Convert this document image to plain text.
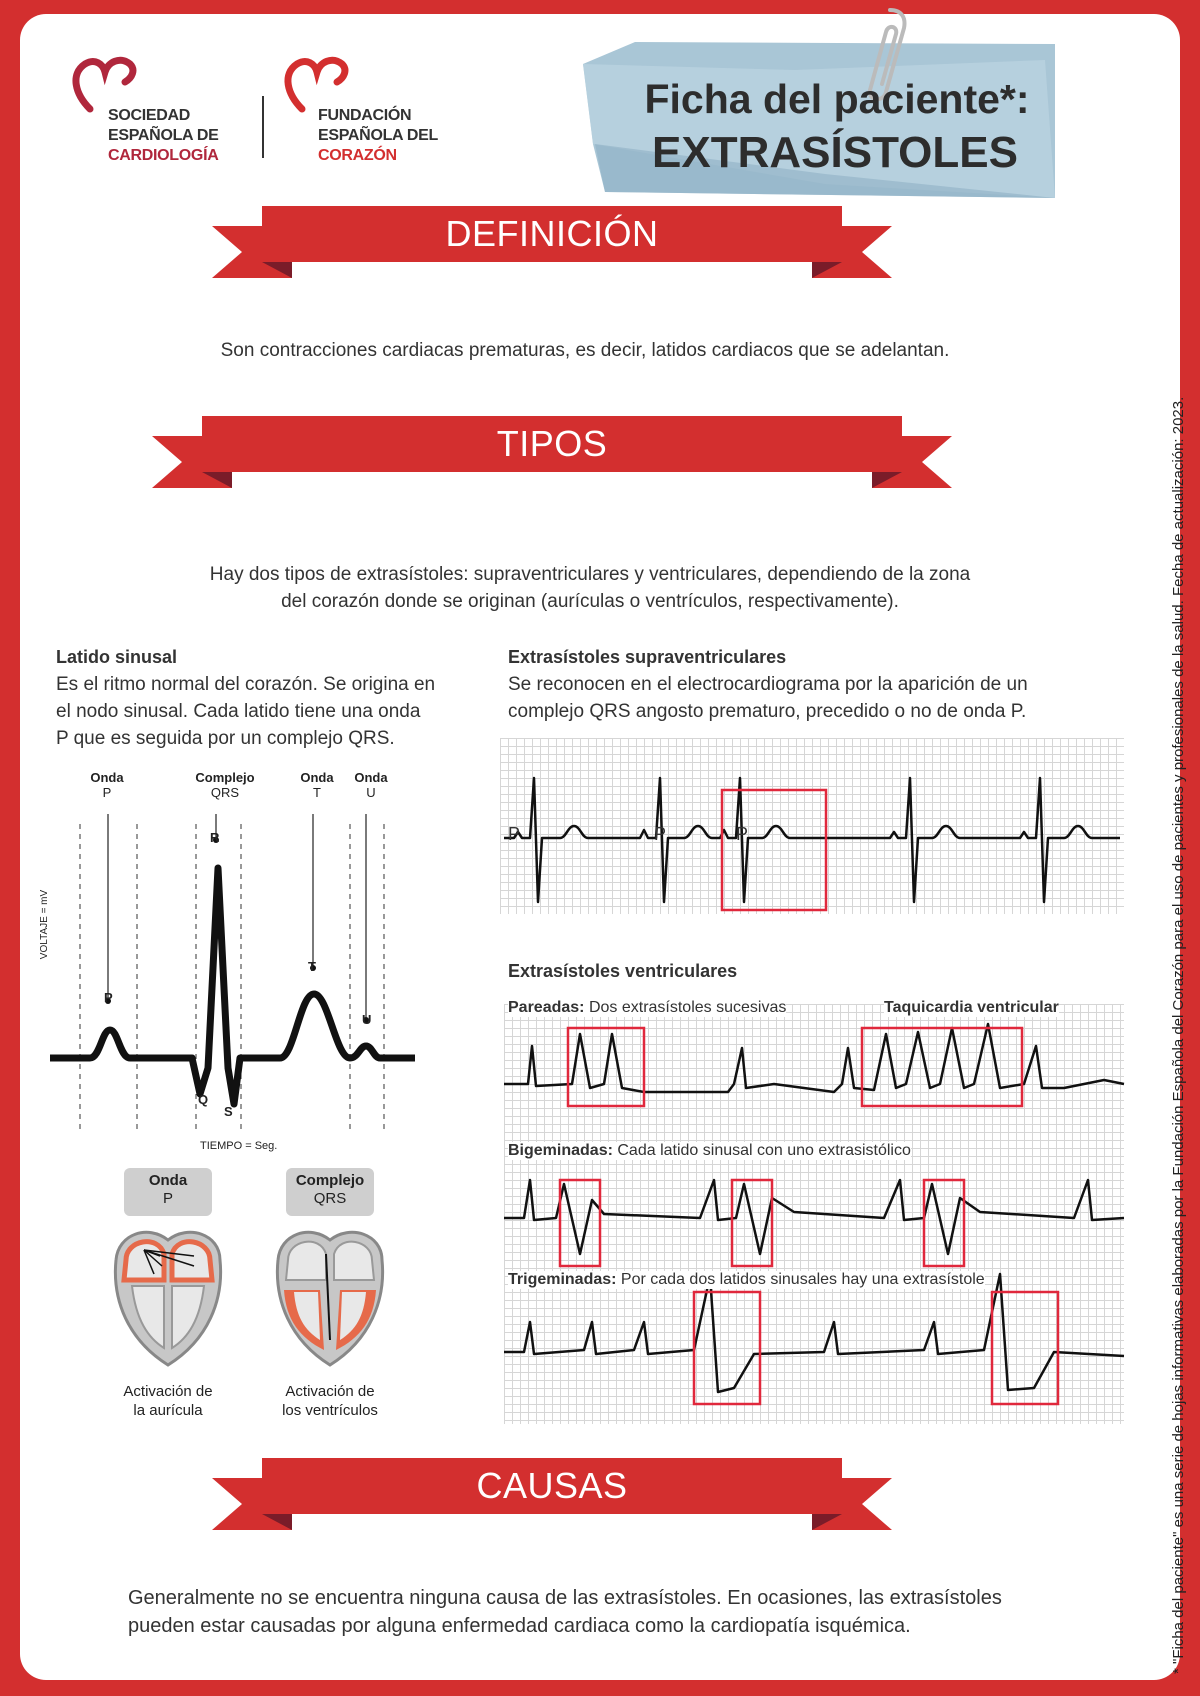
SOCIEDAD
ESPAÑOLA DE
CARDIOLOGÍA
FUNDACIÓN
ESPAÑOLA DEL
CORAZÓN
Ficha del paciente*:
EXTRASÍSTOLES
DEFINICIÓN
Son contracciones cardiacas prematuras, es decir, latidos cardiacos que se adelantan.
TIPOS
Hay dos tipos de extrasístoles: supraventriculares y ventriculares, dependiendo de la zona
del corazón donde se originan (aurículas o ventrículos, respectivamente).
Latido sinusal
Es el ritmo normal del corazón. Se origina en
el nodo sinusal. Cada latido tiene una onda
P que es seguida por un complejo QRS.
Onda
P
Complejo
QRS
Onda
T
Onda
U
P
R
T
U
Q
S
VOLTAJE = mV
TIEMPO = Seg.
Onda
P
Complejo
QRS
Activación de
la aurícula
Activación de
los ventrículos
Extrasístoles supraventriculares
Se reconocen en el electrocardiograma por la aparición de un
complejo QRS angosto prematuro, precedido o no de onda P.
P	P	P
Extrasístoles ventriculares
Pareadas: Dos extrasístoles sucesivas	Taquicardia ventricular
Bigeminadas: Cada latido sinusal con uno extrasistólico
Trigeminadas: Por cada dos latidos sinusales hay una extrasístole
CAUSAS
Generalmente no se encuentra ninguna causa de las extrasístoles. En ocasiones, las extrasístoles
pueden estar causadas por alguna enfermedad cardiaca como la cardiopatía isquémica.	* "Ficha del paciente" es una serie de hojas informativas elaboradas por la Fundación Española del Corazón para el uso de pacientes y profesionales de la salud. Fecha de actualización: 2023.
